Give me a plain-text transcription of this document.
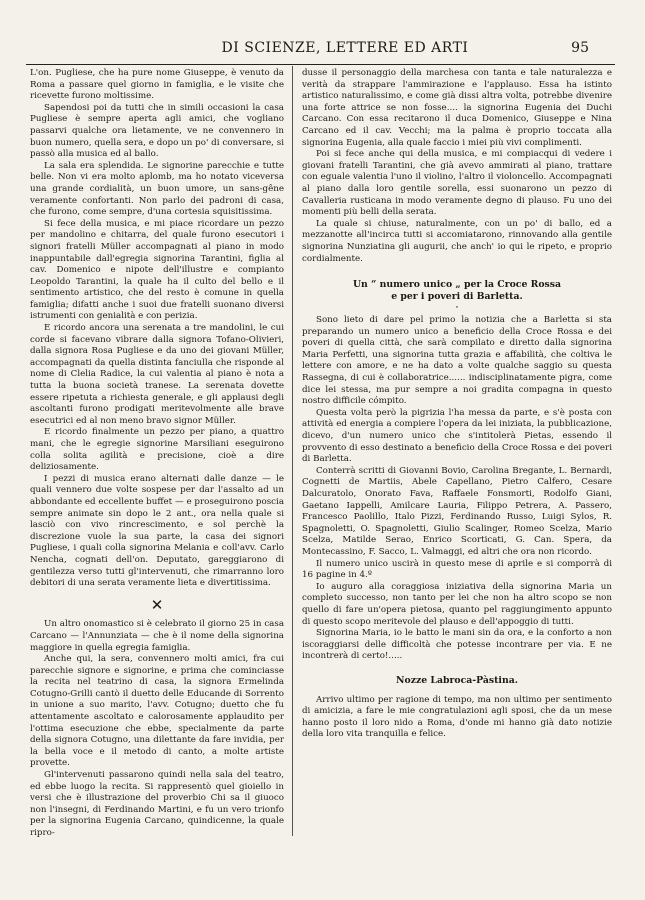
DI SCIENZE, LETTERE ED ARTI	95

L'on. Pugliese, che ha pure nome Giuseppe, è venuto da Roma a passare quel giorno in famiglia, e le visite che ricevette furono moltissime.

Sapendosi poi da tutti che in simili occasioni la casa Pugliese è sempre aperta agli amici, che vogliano passarvi qualche ora lietamente, ve ne convennero in buon numero, quella sera, e dopo un po' di conversare, si passò alla musica ed al ballo.

La sala era splendida. Le signorine parecchie e tutte belle. Non vi era molto aplomb, ma ho notato viceversa una grande cordialità, un buon umore, un sans-gêne veramente confortanti. Non parlo dei padroni di casa, che furono, come sempre, d'una cortesia squisitissima.

Si fece della musica, e mi piace ricordare un pezzo per mandolino e chitarra, del quale furono esecutori i signori fratelli Müller accompagnati al piano in modo inappuntabile dall'egregia signorina Tarantini, figlia al cav. Domenico e nipote dell'illustre e compianto Leopoldo Tarantini, la quale ha il culto del bello e il sentimento artistico, che del resto è comune in quella famiglia; difatti anche i suoi due fratelli suonano diversi istrumenti con genialità e con perizia.

E ricordo ancora una serenata a tre mandolini, le cui corde si facevano vibrare dalla signora Tofano-Olivieri, dalla signora Rosa Pugliese e da uno dei giovani Müller, accompagnati da quella distinta fanciulla che risponde al nome di Clelia Radice, la cui valentia al piano è nota a tutta la buona società tranese. La serenata dovette essere ripetuta a richiesta generale, e gli applausi degli ascoltanti furono prodigati meritevolmente alle brave esecutrici ed al non meno bravo signor Müller.

E ricordo finalmente un pezzo per piano, a quattro mani, che le egregie signorine Marsiliani eseguirono colla solita agilità e precisione, cioè a dire deliziosamente.

I pezzi di musica erano alternati dalle danze — le quali vennero due volte sospese per dar l'assalto ad un abbondante ed eccellente buffet — e proseguirono poscia sempre animate sin dopo le 2 ant., ora nella quale si lasciò con vivo rincrescimento, e sol perchè la discrezione vuole la sua parte, la casa dei signori Pugliese, i quali colla signorina Melania e coll'avv. Carlo Nencha, cognati dell'on. Deputato, gareggiarono di gentilezza verso tutti gl'intervenuti, che rimarranno loro debitori di una serata veramente lieta e divertitissima.

✕

Un altro onomastico si è celebrato il giorno 25 in casa Carcano — l'Annunziata — che è il nome della signorina maggiore in quella egregia famiglia.

Anche qui, la sera, convennero molti amici, fra cui parecchie signore e signorine, e prima che cominciasse la recita nel teatrino di casa, la signora Ermelinda Cotugno-Grilli cantò il duetto delle Educande di Sorrento in unione a suo marito, l'avv. Cotugno; duetto che fu attentamente ascoltato e calorosamente applaudito per l'ottima esecuzione che ebbe, specialmente da parte della signora Cotugno, una dilettante da fare invidia, per la bella voce e il metodo di canto, a molte artiste provette.

Gl'intervenuti passarono quindi nella sala del teatro, ed ebbe luogo la recita. Si rappresentò quel gioiello in versi che è illustrazione del proverbio Chi sa il giuoco non l'insegni, di Ferdinando Martini, e fu un vero trionfo per la signorina Eugenia Carcano, quindicenne, la quale ripro-

dusse il personaggio della marchesa con tanta e tale naturalezza e verità da strappare l'ammirazione e l'applauso. Essa ha istinto artistico naturalissimo, e come già dissi altra volta, potrebbe divenire una forte attrice se non fosse.... la signorina Eugenia dei Duchi Carcano. Con essa recitarono il duca Domenico, Giuseppe e Nina Carcano ed il cav. Vecchi; ma la palma è proprio toccata alla signorina Eugenia, alla quale faccio i miei più vivi complimenti.

Poi si fece anche qui della musica, e mi compiacqui di vedere i giovani fratelli Tarantini, che già avevo ammirati al piano, trattare con eguale valentia l'uno il violino, l'altro il violoncello. Accompagnati al piano dalla loro gentile sorella, essi suonarono un pezzo di Cavalleria rusticana in modo veramente degno di plauso. Fu uno dei momenti più belli della serata.

La quale si chiuse, naturalmente, con un po' di ballo, ed a mezzanotte all'incirca tutti si accomiatarono, rinnovando alla gentile signorina Nunziatina gli augurii, che anch' io qui le ripeto, e proprio cordialmente.

Un “ numero unico „ per la Croce Rossa
e per i poveri di Barletta.
"

Sono lieto di dare pel primo la notizia che a Barletta si sta preparando un numero unico a beneficio della Croce Rossa e dei poveri di quella città, che sarà compilato e diretto dalla signorina Maria Perfetti, una signorina tutta grazia e affabilità, che coltiva le lettere con amore, e ne ha dato a volte qualche saggio su questa Rassegna, di cui è collaboratrice...... indisciplinatamente pigra, come dice lei stessa, ma pur sempre a noi gradita compagna in questo nostro difficile cómpito.

Questa volta però la pigrizia l'ha messa da parte, e s'è posta con attività ed energia a compiere l'opera da lei iniziata, la pubblicazione, dicevo, d'un numero unico che s'intitolerà Pietas, essendo il provvento di esso destinato a beneficio della Croce Rossa e dei poveri di Barletta.

Conterrà scritti di Giovanni Bovio, Carolina Bregante, L. Bernardi, Cognetti de Martiis, Abele Capellano, Pietro Calfero, Cesare Dalcuratolo, Onorato Fava, Raffaele Fonsmorti, Rodolfo Giani, Gaetano Iappelli, Amilcare Lauria, Filippo Petrera, A. Passero, Francesco Paolillo, Italo Pizzi, Ferdinando Russo, Luigi Sylos, R. Spagnoletti, O. Spagnoletti, Giulio Scalinger, Romeo Scelza, Mario Scelza, Matilde Serao, Enrico Scorticati, G. Can. Spera, da Montecassino, F. Sacco, L. Valmaggi, ed altri che ora non ricordo.

Il numero unico uscirà in questo mese di aprile e si comporrà di 16 pagine in 4.º

Io auguro alla coraggiosa iniziativa della signorina Maria un completo successo, non tanto per lei che non ha altro scopo se non quello di fare un'opera pietosa, quanto pel raggiungimento appunto di questo scopo meritevole del plauso e dell'appoggio di tutti.

Signorina Maria, io le batto le mani sin da ora, e la conforto a non iscoraggiarsi delle difficoltà che potesse incontrare per via. E ne incontrerà di certo!.....

Nozze Labroca-Pàstina.

Arrivo ultimo per ragione di tempo, ma non ultimo per sentimento di amicizia, a fare le mie congratulazioni agli sposi, che da un mese hanno posto il loro nido a Roma, d'onde mi hanno già dato notizie della loro vita tranquilla e felice.
